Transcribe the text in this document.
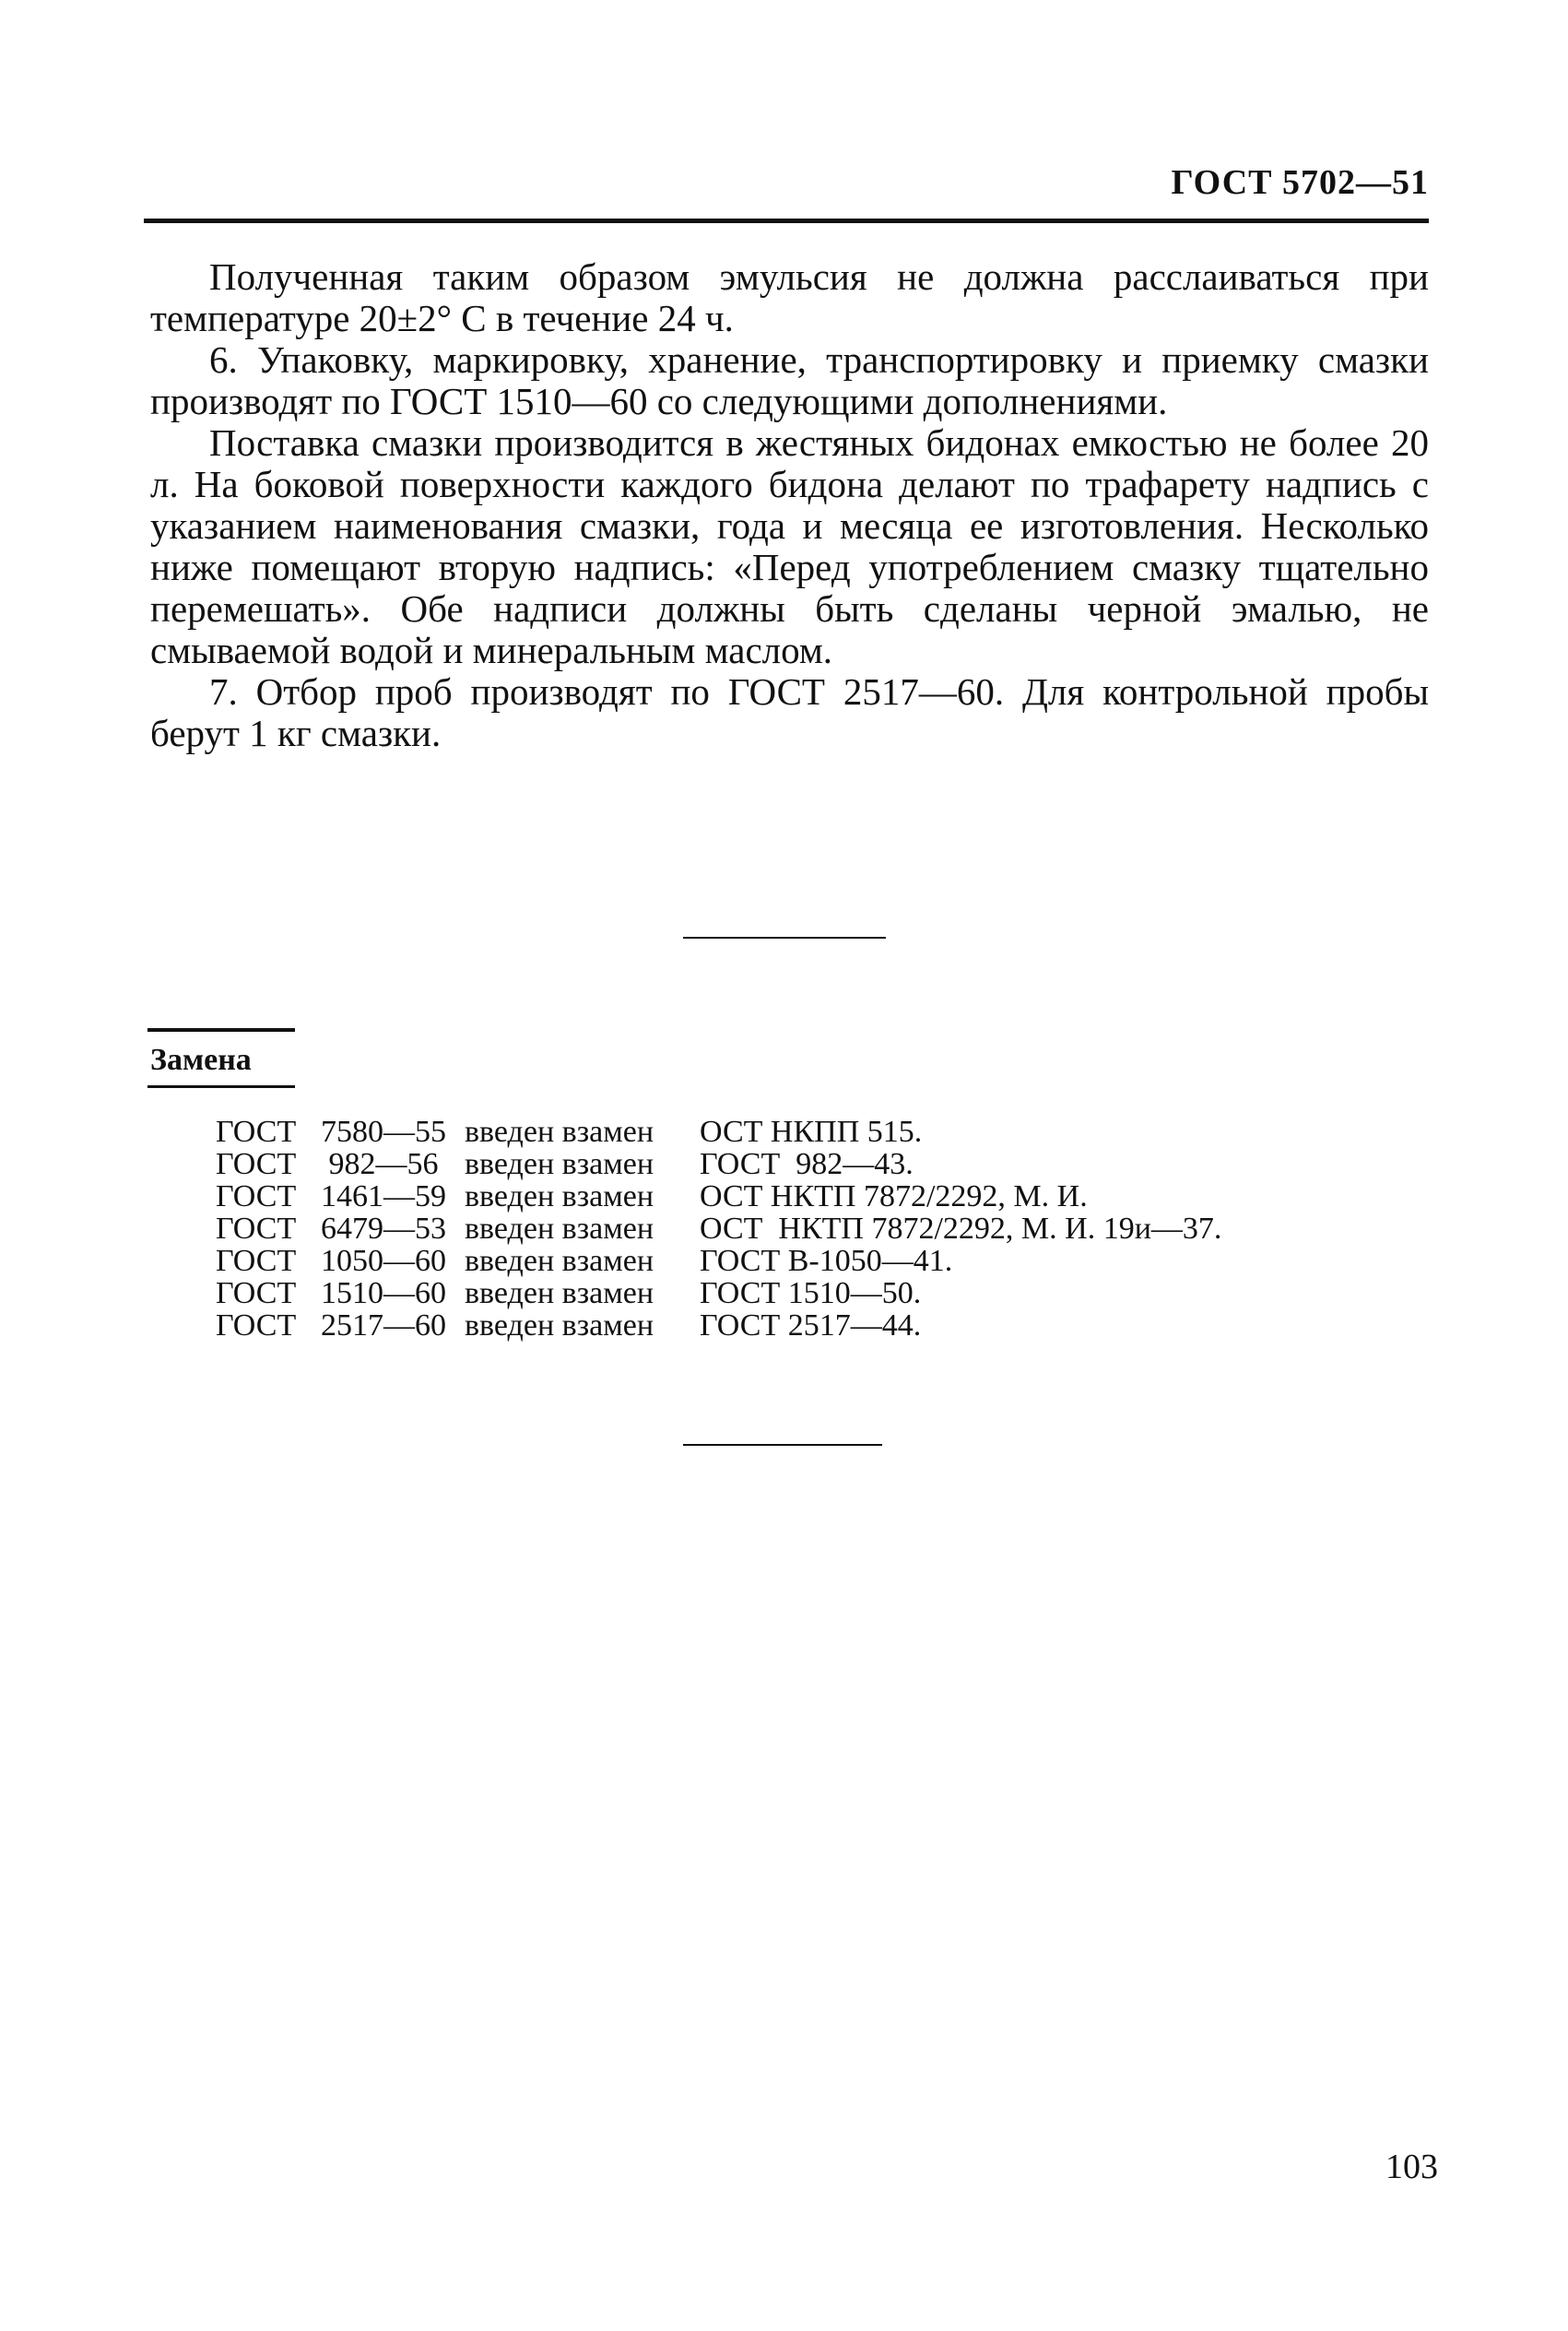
ГОСТ 5702—51

Полученная таким образом эмульсия не должна расслаиваться при температуре 20±2° С в течение 24 ч.

6. Упаковку, маркировку, хранение, транспортировку и приемку смазки производят по ГОСТ 1510—60 со следующими дополнениями.

Поставка смазки производится в жестяных бидонах емкостью не более 20 л. На боковой поверхности каждого бидона делают по трафарету надпись с указанием наименования смазки, года и месяца ее изготовления. Несколько ниже помещают вторую надпись: «Перед употреблением смазку тщательно перемешать». Обе надписи должны быть сделаны черной эмалью, не смываемой водой и минеральным маслом.

7. Отбор проб производят по ГОСТ 2517—60. Для контрольной пробы берут 1 кг смазки.

Замена
ГОСТ 7580—55 введен взамен ОСТ НКПП 515.
ГОСТ 982—56 введен взамен ГОСТ  982—43.
ГОСТ 1461—59 введен взамен ОСТ НКТП 7872/2292, М. И.
ГОСТ 6479—53 введен взамен ОСТ  НКТП 7872/2292, М. И. 19и—37.
ГОСТ 1050—60 введен взамен ГОСТ В-1050—41.
ГОСТ 1510—60 введен взамен ГОСТ 1510—50.
ГОСТ 2517—60 введен взамен ГОСТ 2517—44.
103
